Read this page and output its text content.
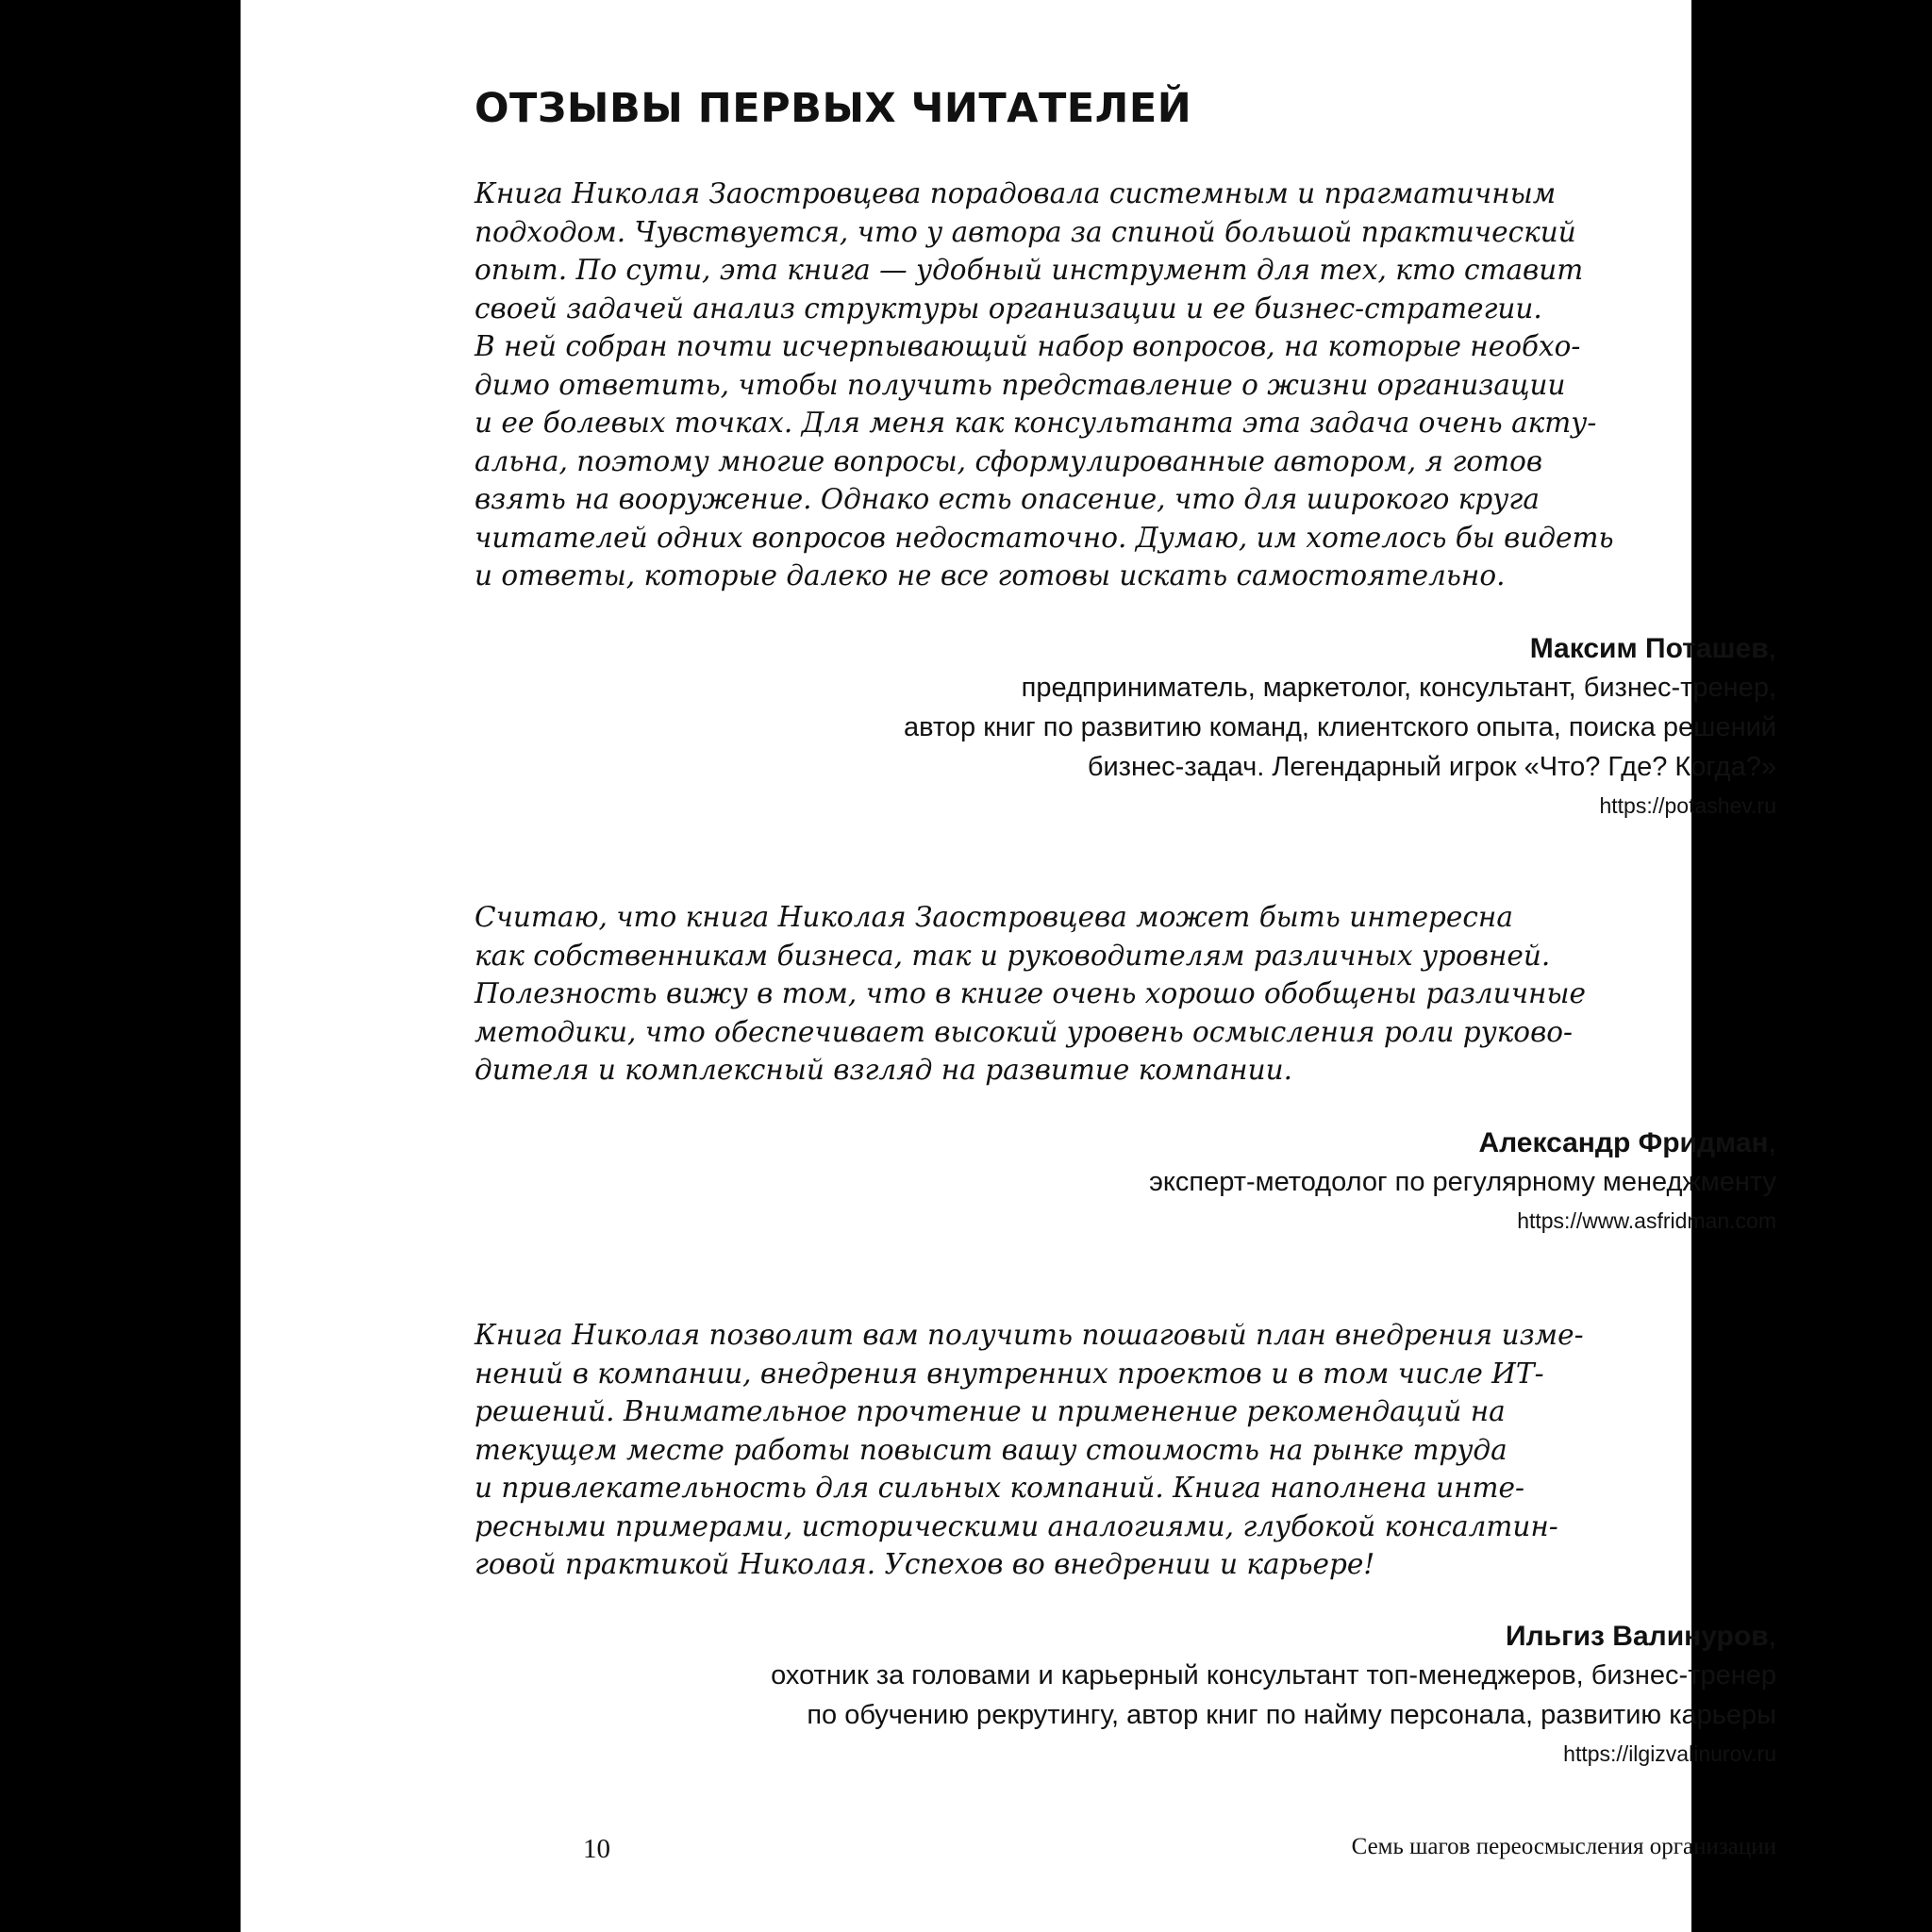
ОТЗЫВЫ ПЕРВЫХ ЧИТАТЕЛЕЙ
Книга Николая Заостровцева порадовала системным и прагматичным
подходом. Чувствуется, что у автора за спиной большой практический
опыт. По сути, эта книга — удобный инструмент для тех, кто ставит
своей задачей анализ структуры организации и ее бизнес-стратегии.
В ней собран почти исчерпывающий набор вопросов, на которые необхо-
димо ответить, чтобы получить представление о жизни организации
и ее болевых точках. Для меня как консультанта эта задача очень акту-
альна, поэтому многие вопросы, сформулированные автором, я готов
взять на вооружение. Однако есть опасение, что для широкого круга
читателей одних вопросов недостаточно. Думаю, им хотелось бы видеть
и ответы, которые далеко не все готовы искать самостоятельно.
Максим Поташев,
предприниматель, маркетолог, консультант, бизнес-тренер,
автор книг по развитию команд, клиентского опыта, поиска решений
бизнес-задач. Легендарный игрок «Что? Где? Когда?»
https://potashev.ru
Считаю, что книга Николая Заостровцева может быть интересна
как собственникам бизнеса, так и руководителям различных уровней.
Полезность вижу в том, что в книге очень хорошо обобщены различные
методики, что обеспечивает высокий уровень осмысления роли руково-
дителя и комплексный взгляд на развитие компании.
Александр Фридман,
эксперт-методолог по регулярному менеджменту
https://www.asfridman.com
Книга Николая позволит вам получить пошаговый план внедрения изме-
нений в компании, внедрения внутренних проектов и в том числе ИТ-
решений. Внимательное прочтение и применение рекомендаций на
текущем месте работы повысит вашу стоимость на рынке труда
и привлекательность для сильных компаний. Книга наполнена инте-
ресными примерами, историческими аналогиями, глубокой консалтин-
говой практикой Николая. Успехов во внедрении и карьере!
Ильгиз Валинуров,
охотник за головами и карьерный консультант топ-менеджеров, бизнес-тренер
по обучению рекрутингу, автор книг по найму персонала, развитию карьеры
https://ilgizvalinurov.ru
10	Семь шагов переосмысления организации
